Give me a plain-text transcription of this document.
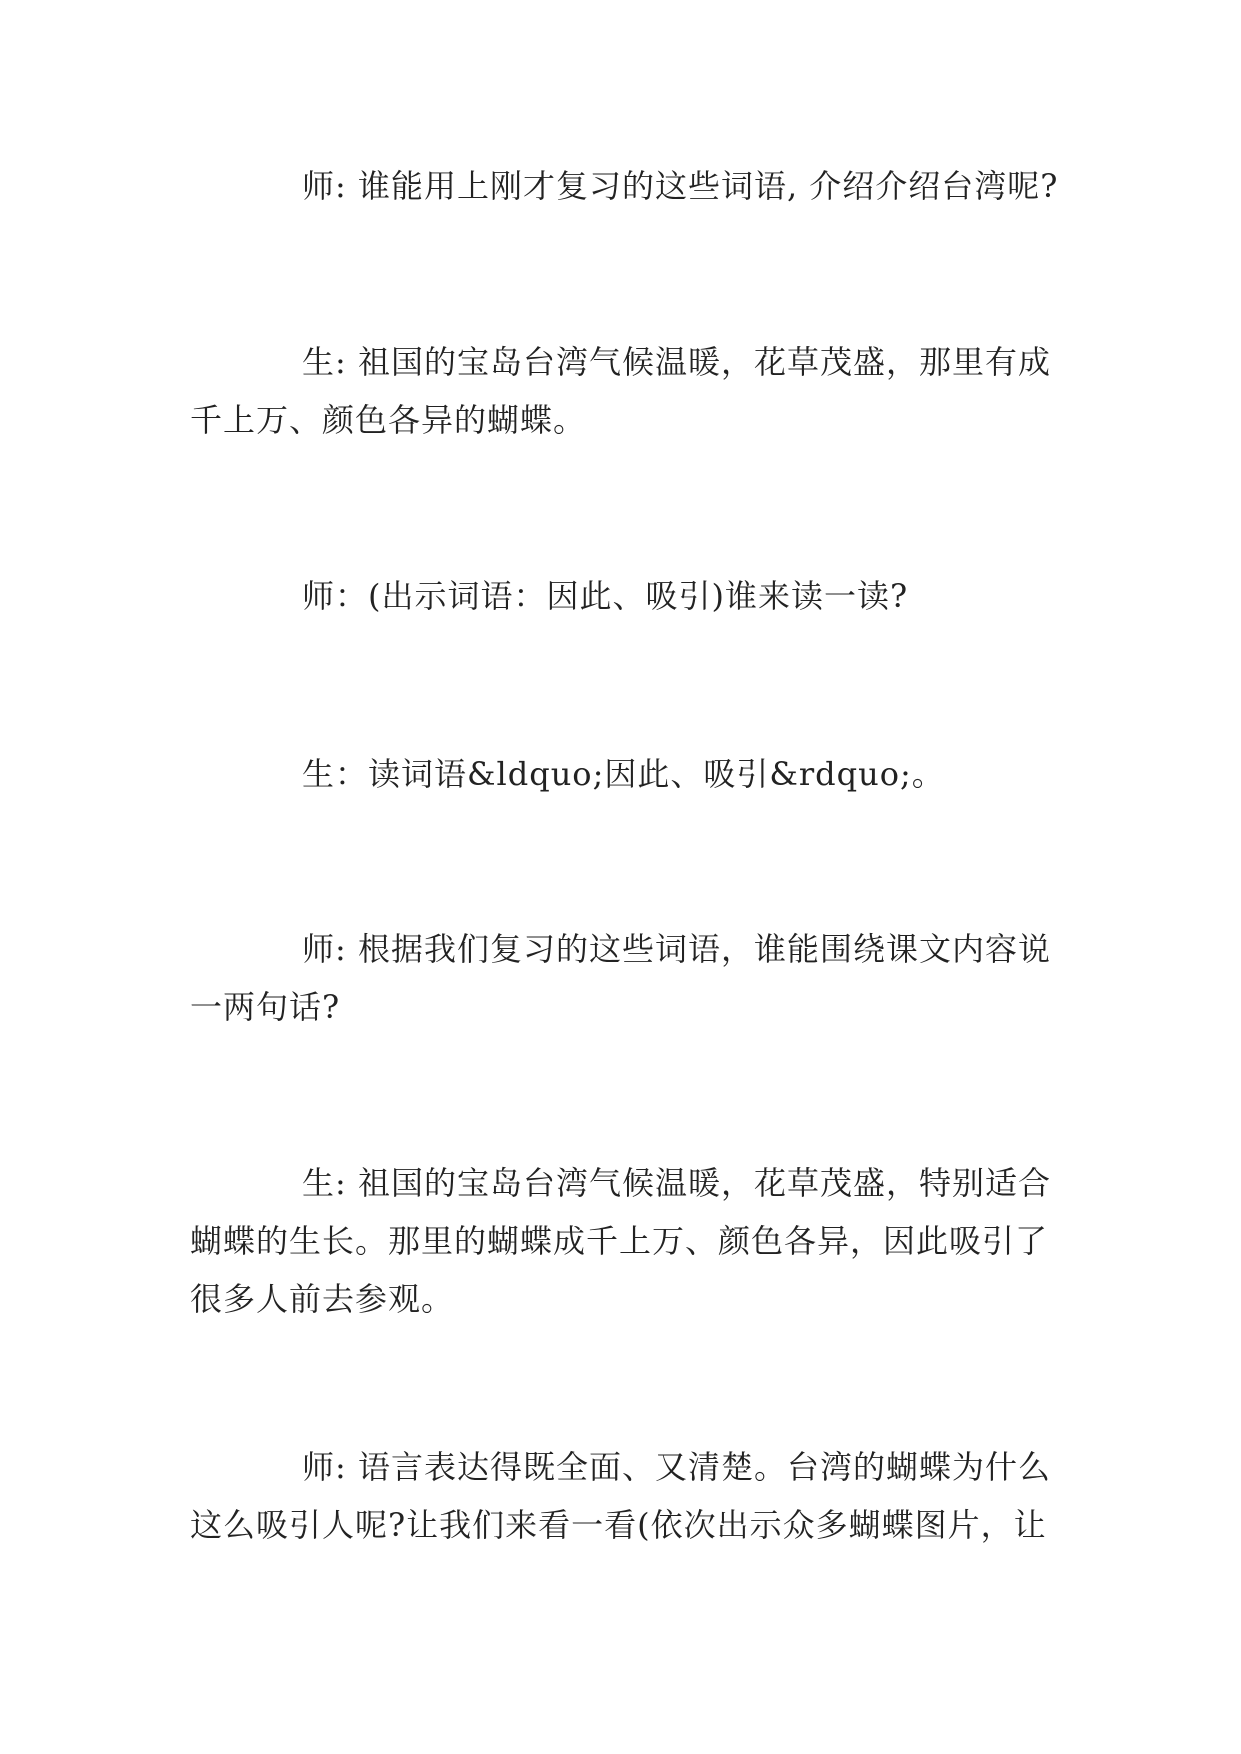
师: 谁能用上刚才复习的这些词语, 介绍介绍台湾呢?

生: 祖国的宝岛台湾气候温暖，花草茂盛，那里有成千上万、颜色各异的蝴蝶。

师：(出示词语：因此、吸引)谁来读一读?

生：读词语&ldquo;因此、吸引&rdquo;。

师: 根据我们复习的这些词语，谁能围绕课文内容说一两句话?

生: 祖国的宝岛台湾气候温暖，花草茂盛，特别适合蝴蝶的生长。那里的蝴蝶成千上万、颜色各异，因此吸引了很多人前去参观。

师: 语言表达得既全面、又清楚。台湾的蝴蝶为什么这么吸引人呢?让我们来看一看(依次出示众多蝴蝶图片，让
